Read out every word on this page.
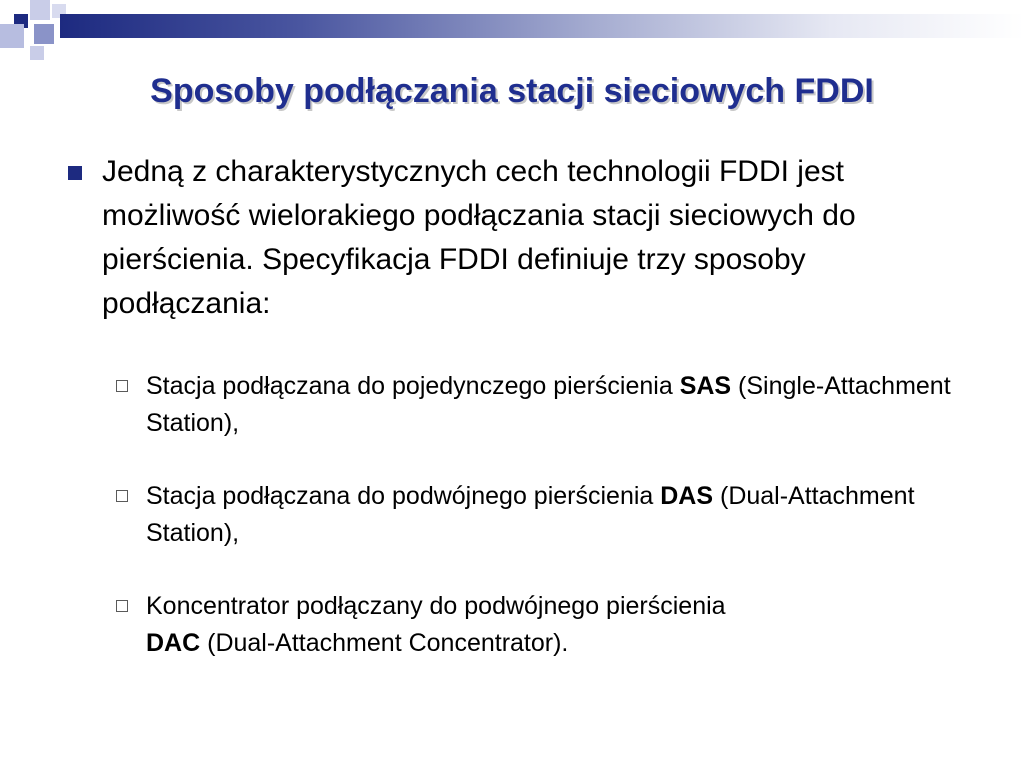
Sposoby podłączania stacji sieciowych FDDI

Jedną z charakterystycznych cech technologii FDDI jest możliwość wielorakiego podłączania stacji sieciowych do pierścienia. Specyfikacja FDDI definiuje trzy sposoby podłączania:

Stacja podłączana do pojedynczego pierścienia SAS (Single-Attachment Station),

Stacja podłączana do podwójnego pierścienia DAS (Dual-Attachment Station),

Koncentrator podłączany do podwójnego pierścienia
DAC (Dual-Attachment Concentrator).
